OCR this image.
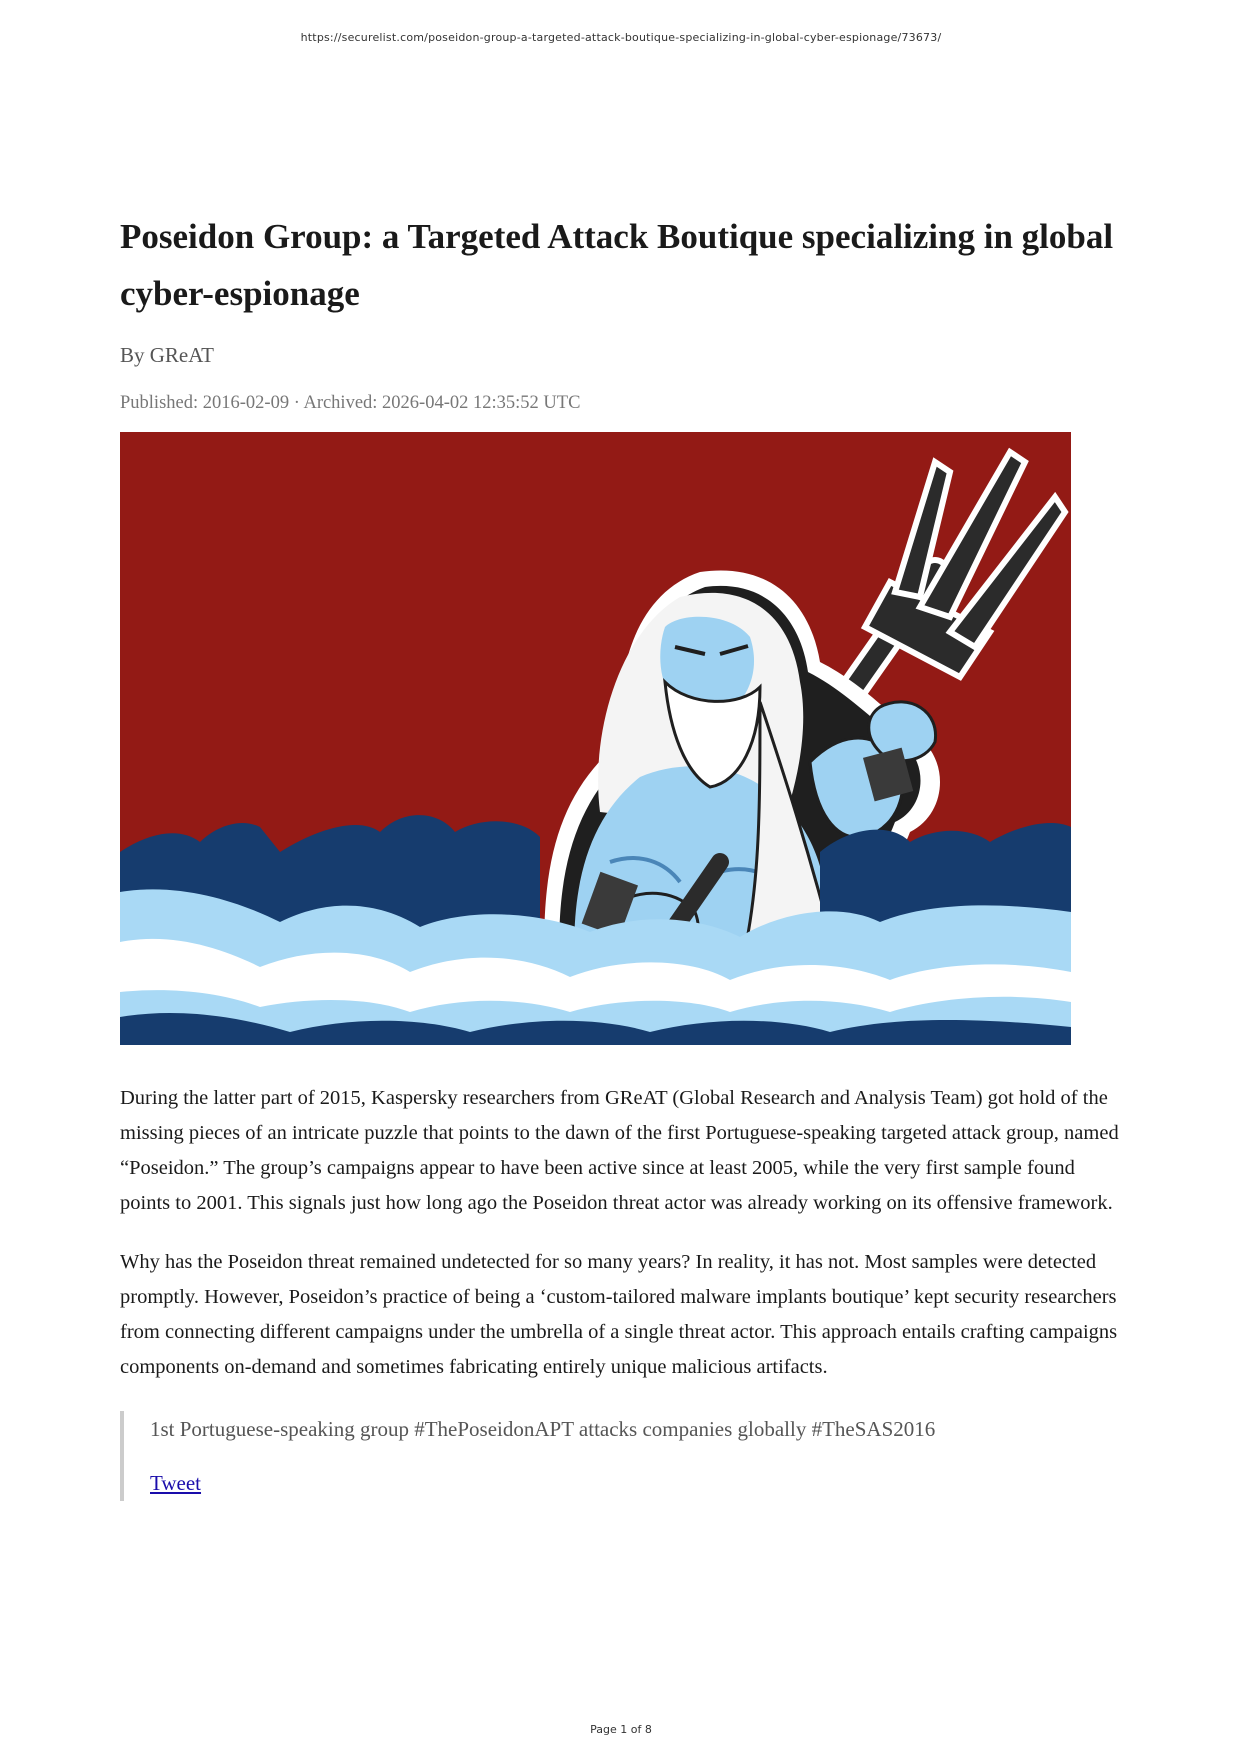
https://securelist.com/poseidon-group-a-targeted-attack-boutique-specializing-in-global-cyber-espionage/73673/
Poseidon Group: a Targeted Attack Boutique specializing in global cyber-espionage
By GReAT
Published: 2016-02-09 · Archived: 2026-04-02 12:35:52 UTC

During the latter part of 2015, Kaspersky researchers from GReAT (Global Research and Analysis Team) got hold of the missing pieces of an intricate puzzle that points to the dawn of the first Portuguese-speaking targeted attack group, named “Poseidon.” The group’s campaigns appear to have been active since at least 2005, while the very first sample found points to 2001. This signals just how long ago the Poseidon threat actor was already working on its offensive framework.

Why has the Poseidon threat remained undetected for so many years? In reality, it has not. Most samples were detected promptly. However, Poseidon’s practice of being a ‘custom-tailored malware implants boutique’ kept security researchers from connecting different campaigns under the umbrella of a single threat actor. This approach entails crafting campaigns components on-demand and sometimes fabricating entirely unique malicious artifacts.

1st Portuguese-speaking group #ThePoseidonAPT attacks companies globally #TheSAS2016
Tweet
Page 1 of 8
